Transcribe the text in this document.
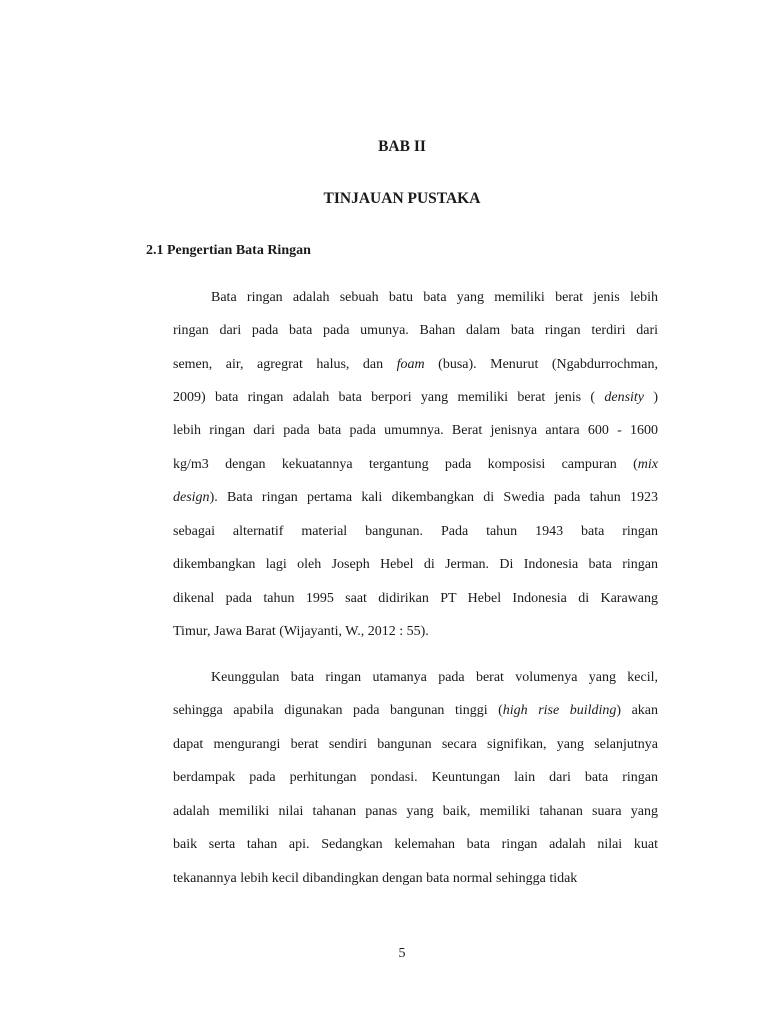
BAB II
TINJAUAN PUSTAKA
2.1 Pengertian Bata Ringan
Bata ringan adalah sebuah batu bata yang memiliki berat jenis lebih
ringan dari pada bata pada umunya. Bahan dalam bata ringan terdiri dari
semen, air, agregrat halus, dan foam (busa). Menurut (Ngabdurrochman,
2009) bata ringan adalah bata berpori yang memiliki berat jenis ( density )
lebih ringan dari pada bata pada umumnya. Berat jenisnya antara 600 - 1600
kg/m3 dengan kekuatannya tergantung pada komposisi campuran (mix
design). Bata ringan pertama kali dikembangkan di Swedia pada tahun 1923
sebagai alternatif material bangunan. Pada tahun 1943 bata ringan
dikembangkan lagi oleh Joseph Hebel di Jerman. Di Indonesia bata ringan
dikenal pada tahun 1995 saat didirikan PT Hebel Indonesia di Karawang
Timur, Jawa Barat (Wijayanti, W., 2012 : 55).
Keunggulan bata ringan utamanya pada berat volumenya yang kecil,
sehingga apabila digunakan pada bangunan tinggi (high rise building) akan
dapat mengurangi berat sendiri bangunan secara signifikan, yang selanjutnya
berdampak pada perhitungan pondasi. Keuntungan lain dari bata ringan
adalah memiliki nilai tahanan panas yang baik, memiliki tahanan suara yang
baik serta tahan api. Sedangkan kelemahan bata ringan adalah nilai kuat
tekanannya lebih kecil dibandingkan dengan bata normal sehingga tidak
5
